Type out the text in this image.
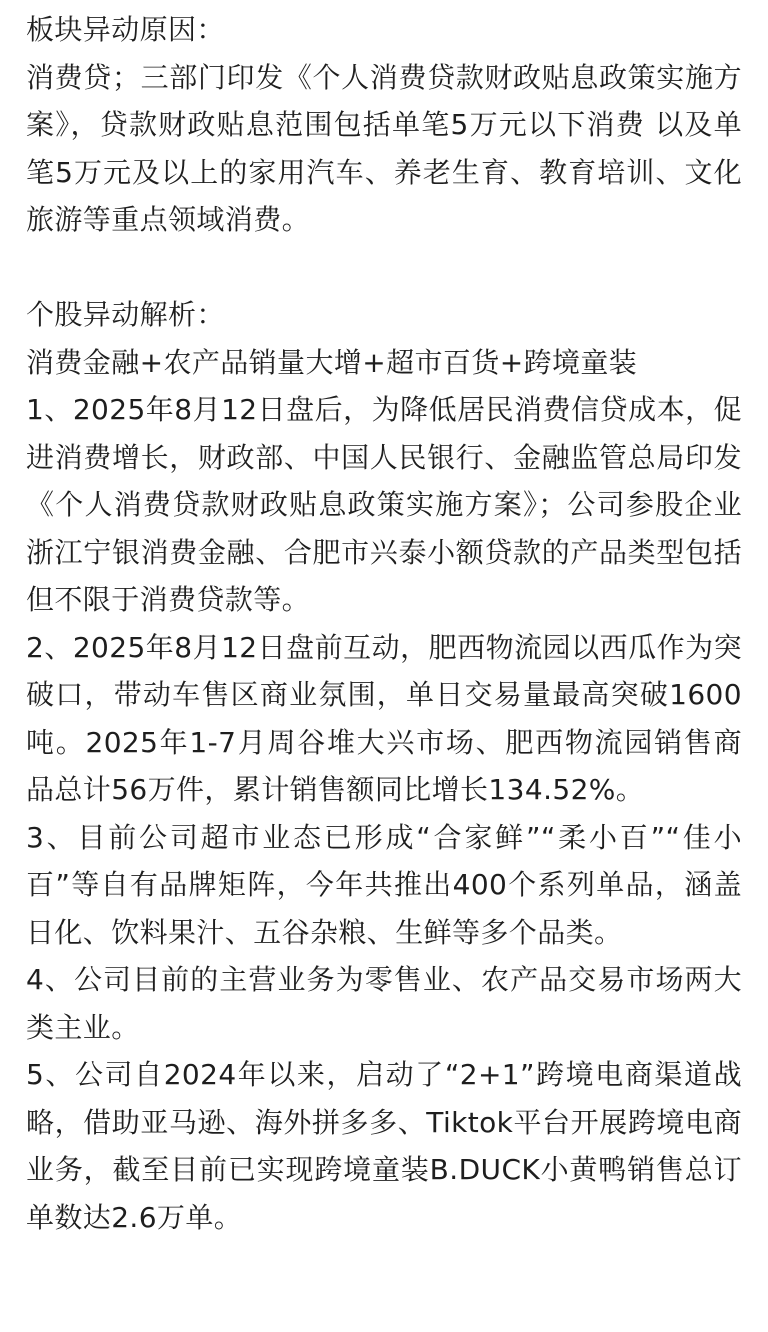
板块异动原因：

消费贷；三部门印发《个人消费贷款财政贴息政策实施方案》，贷款财政贴息范围包括单笔5万元以下消费 以及单笔5万元及以上的家用汽车、养老生育、教育培训、文化旅游等重点领域消费。

个股异动解析：

消费金融+农产品销量大增+超市百货+跨境童装

1、2025年8月12日盘后，为降低居民消费信贷成本，促进消费增长，财政部、中国人民银行、金融监管总局印发《个人消费贷款财政贴息政策实施方案》；公司参股企业浙江宁银消费金融、合肥市兴泰小额贷款的产品类型包括但不限于消费贷款等。

2、2025年8月12日盘前互动，肥西物流园以西瓜作为突破口，带动车售区商业氛围，单日交易量最高突破1600吨。2025年1-7月周谷堆大兴市场、肥西物流园销售商品总计56万件，累计销售额同比增长134.52%。

3、目前公司超市业态已形成“合家鲜”“柔小百”“佳小百”等自有品牌矩阵，今年共推出400个系列单品，涵盖日化、饮料果汁、五谷杂粮、生鲜等多个品类。

4、公司目前的主营业务为零售业、农产品交易市场两大类主业。

5、公司自2024年以来，启动了“2+1”跨境电商渠道战略，借助亚马逊、海外拼多多、Tiktok平台开展跨境电商业务，截至目前已实现跨境童装B.DUCK小黄鸭销售总订单数达2.6万单。
